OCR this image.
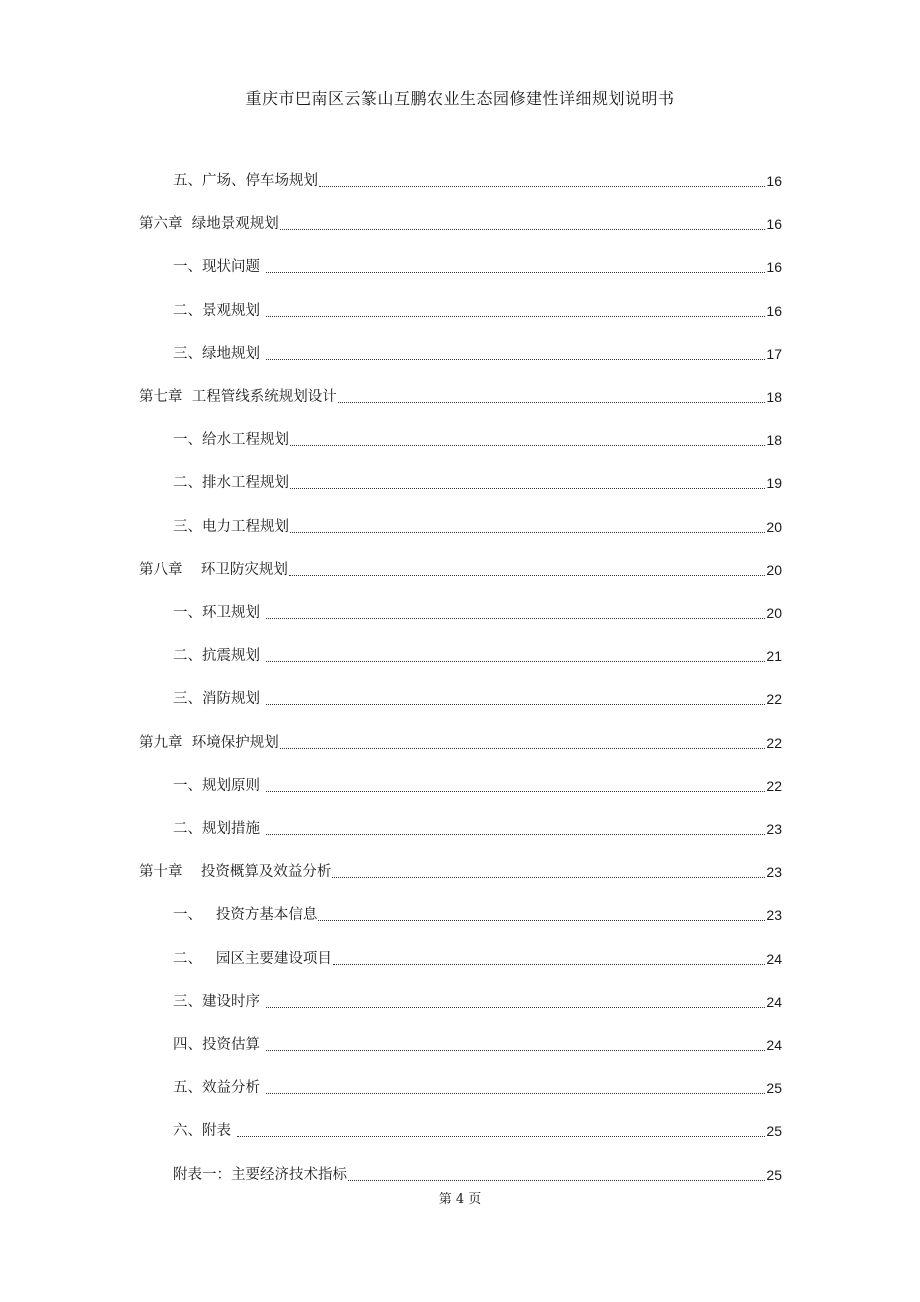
重庆市巴南区云篆山互鹏农业生态园修建性详细规划说明书
五、广场、停车场规划	16
第六章  绿地景观规划	16
一、现状问题	16
二、景观规划	16
三、绿地规划	17
第七章  工程管线系统规划设计	18
一、给水工程规划	18
二、排水工程规划	19
三、电力工程规划	20
第八章    环卫防灾规划	20
一、环卫规划	20
二、抗震规划	21
三、消防规划	22
第九章  环境保护规划	22
一、规划原则	22
二、规划措施	23
第十章    投资概算及效益分析	23
一、   投资方基本信息	23
二、   园区主要建设项目	24
三、建设时序	24
四、投资估算	24
五、效益分析	25
六、附表	25
附表一：主要经济技术指标	25
第 4 页
